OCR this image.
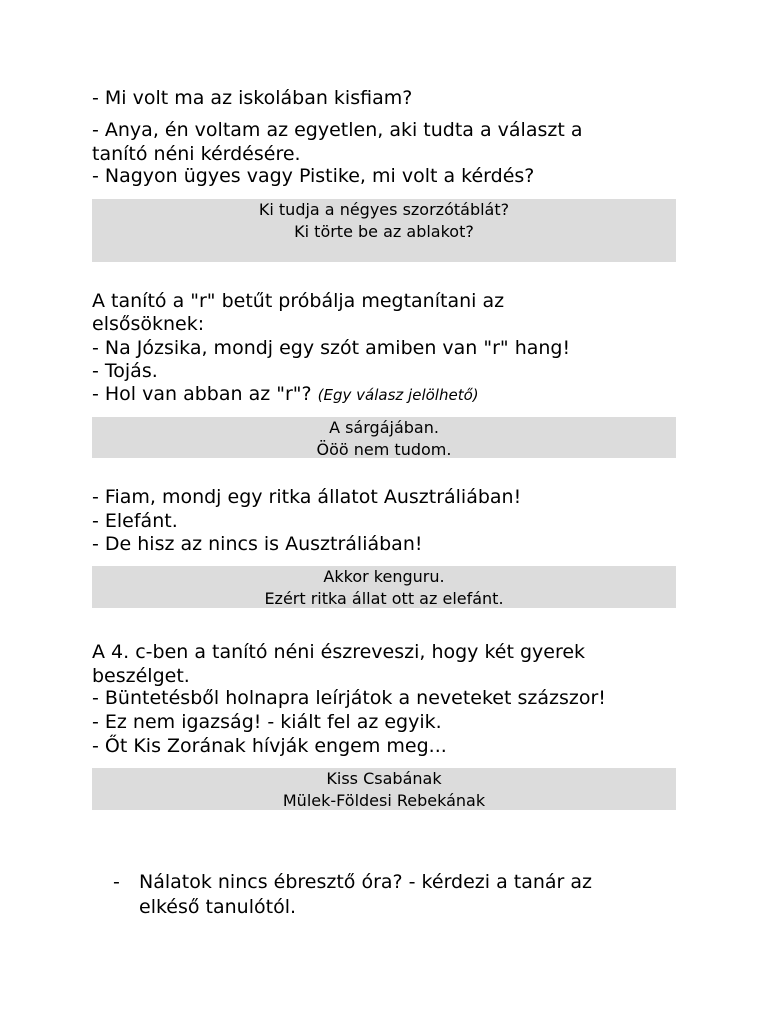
- Mi volt ma az iskolában kisfiam?
- Anya, én voltam az egyetlen, aki tudta a választ a
tanító néni kérdésére.
- Nagyon ügyes vagy Pistike, mi volt a kérdés?
Ki tudja a négyes szorzótáblát?
Ki törte be az ablakot?
A tanító a "r" betűt próbálja megtanítani az
elsősöknek:
- Na Józsika, mondj egy szót amiben van "r" hang!
- Tojás.
- Hol van abban az "r"? (Egy válasz jelölhető)
A sárgájában.
Ööö nem tudom.
- Fiam, mondj egy ritka állatot Ausztráliában!
- Elefánt.
- De hisz az nincs is Ausztráliában!
Akkor kenguru.
Ezért ritka állat ott az elefánt.
A 4. c-ben a tanító néni észreveszi, hogy két gyerek
beszélget.
- Büntetésből holnapra leírjátok a neveteket százszor!
- Ez nem igazság! - kiált fel az egyik.
- Őt Kis Zorának hívják engem meg...
Kiss Csabának
Mülek-Földesi Rebekának
- Nálatok nincs ébresztő óra? - kérdezi a tanár az
elkéső tanulótól.
